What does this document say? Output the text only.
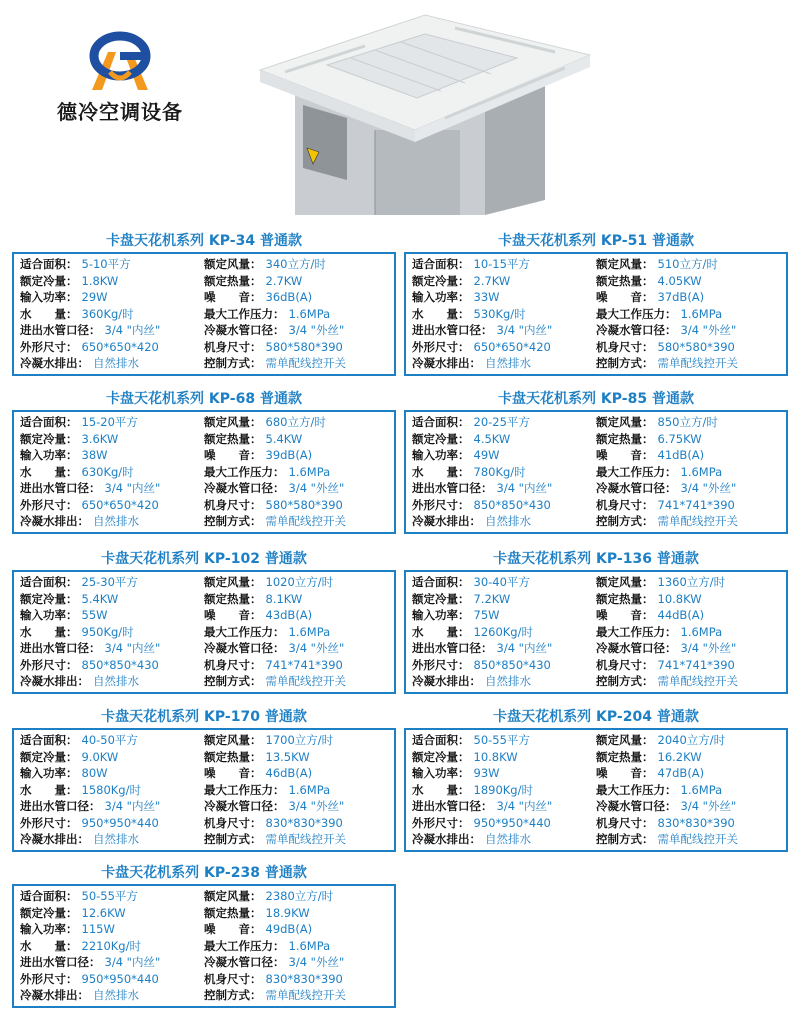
德冷空调设备
卡盘天花机系列 KP-34 普通款
适合面积： 5-10平方	额定风量： 340立方/时
额定冷量： 1.8KW	额定热量： 2.7KW
输入功率： 29W	噪　　音： 36dB(A)
水　　量： 360Kg/时	最大工作压力： 1.6MPa
进出水管口径： 3/4 "内丝"	冷凝水管口径： 3/4 "外丝"
外形尺寸： 650*650*420	机身尺寸： 580*580*390
冷凝水排出： 自然排水	控制方式： 需单配线控开关
卡盘天花机系列 KP-51 普通款
适合面积： 10-15平方	额定风量： 510立方/时
额定冷量： 2.7KW	额定热量： 4.05KW
输入功率： 33W	噪　　音： 37dB(A)
水　　量： 530Kg/时	最大工作压力： 1.6MPa
进出水管口径： 3/4 "内丝"	冷凝水管口径： 3/4 "外丝"
外形尺寸： 650*650*420	机身尺寸： 580*580*390
冷凝水排出： 自然排水	控制方式： 需单配线控开关
卡盘天花机系列 KP-68 普通款
适合面积： 15-20平方	额定风量： 680立方/时
额定冷量： 3.6KW	额定热量： 5.4KW
输入功率： 38W	噪　　音： 39dB(A)
水　　量： 630Kg/时	最大工作压力： 1.6MPa
进出水管口径： 3/4 "内丝"	冷凝水管口径： 3/4 "外丝"
外形尺寸： 650*650*420	机身尺寸： 580*580*390
冷凝水排出： 自然排水	控制方式： 需单配线控开关
卡盘天花机系列 KP-85 普通款
适合面积： 20-25平方	额定风量： 850立方/时
额定冷量： 4.5KW	额定热量： 6.75KW
输入功率： 49W	噪　　音： 41dB(A)
水　　量： 780Kg/时	最大工作压力： 1.6MPa
进出水管口径： 3/4 "内丝"	冷凝水管口径： 3/4 "外丝"
外形尺寸： 850*850*430	机身尺寸： 741*741*390
冷凝水排出： 自然排水	控制方式： 需单配线控开关
卡盘天花机系列 KP-102 普通款
适合面积： 25-30平方	额定风量： 1020立方/时
额定冷量： 5.4KW	额定热量： 8.1KW
输入功率： 55W	噪　　音： 43dB(A)
水　　量： 950Kg/时	最大工作压力： 1.6MPa
进出水管口径： 3/4 "内丝"	冷凝水管口径： 3/4 "外丝"
外形尺寸： 850*850*430	机身尺寸： 741*741*390
冷凝水排出： 自然排水	控制方式： 需单配线控开关
卡盘天花机系列 KP-136 普通款
适合面积： 30-40平方	额定风量： 1360立方/时
额定冷量： 7.2KW	额定热量： 10.8KW
输入功率： 75W	噪　　音： 44dB(A)
水　　量： 1260Kg/时	最大工作压力： 1.6MPa
进出水管口径： 3/4 "内丝"	冷凝水管口径： 3/4 "外丝"
外形尺寸： 850*850*430	机身尺寸： 741*741*390
冷凝水排出： 自然排水	控制方式： 需单配线控开关
卡盘天花机系列 KP-170 普通款
适合面积： 40-50平方	额定风量： 1700立方/时
额定冷量： 9.0KW	额定热量： 13.5KW
输入功率： 80W	噪　　音： 46dB(A)
水　　量： 1580Kg/时	最大工作压力： 1.6MPa
进出水管口径： 3/4 "内丝"	冷凝水管口径： 3/4 "外丝"
外形尺寸： 950*950*440	机身尺寸： 830*830*390
冷凝水排出： 自然排水	控制方式： 需单配线控开关
卡盘天花机系列 KP-204 普通款
适合面积： 50-55平方	额定风量： 2040立方/时
额定冷量： 10.8KW	额定热量： 16.2KW
输入功率： 93W	噪　　音： 47dB(A)
水　　量： 1890Kg/时	最大工作压力： 1.6MPa
进出水管口径： 3/4 "内丝"	冷凝水管口径： 3/4 "外丝"
外形尺寸： 950*950*440	机身尺寸： 830*830*390
冷凝水排出： 自然排水	控制方式： 需单配线控开关
卡盘天花机系列 KP-238 普通款
适合面积： 50-55平方	额定风量： 2380立方/时
额定冷量： 12.6KW	额定热量： 18.9KW
输入功率： 115W	噪　　音： 49dB(A)
水　　量： 2210Kg/时	最大工作压力： 1.6MPa
进出水管口径： 3/4 "内丝"	冷凝水管口径： 3/4 "外丝"
外形尺寸： 950*950*440	机身尺寸： 830*830*390
冷凝水排出： 自然排水	控制方式： 需单配线控开关
